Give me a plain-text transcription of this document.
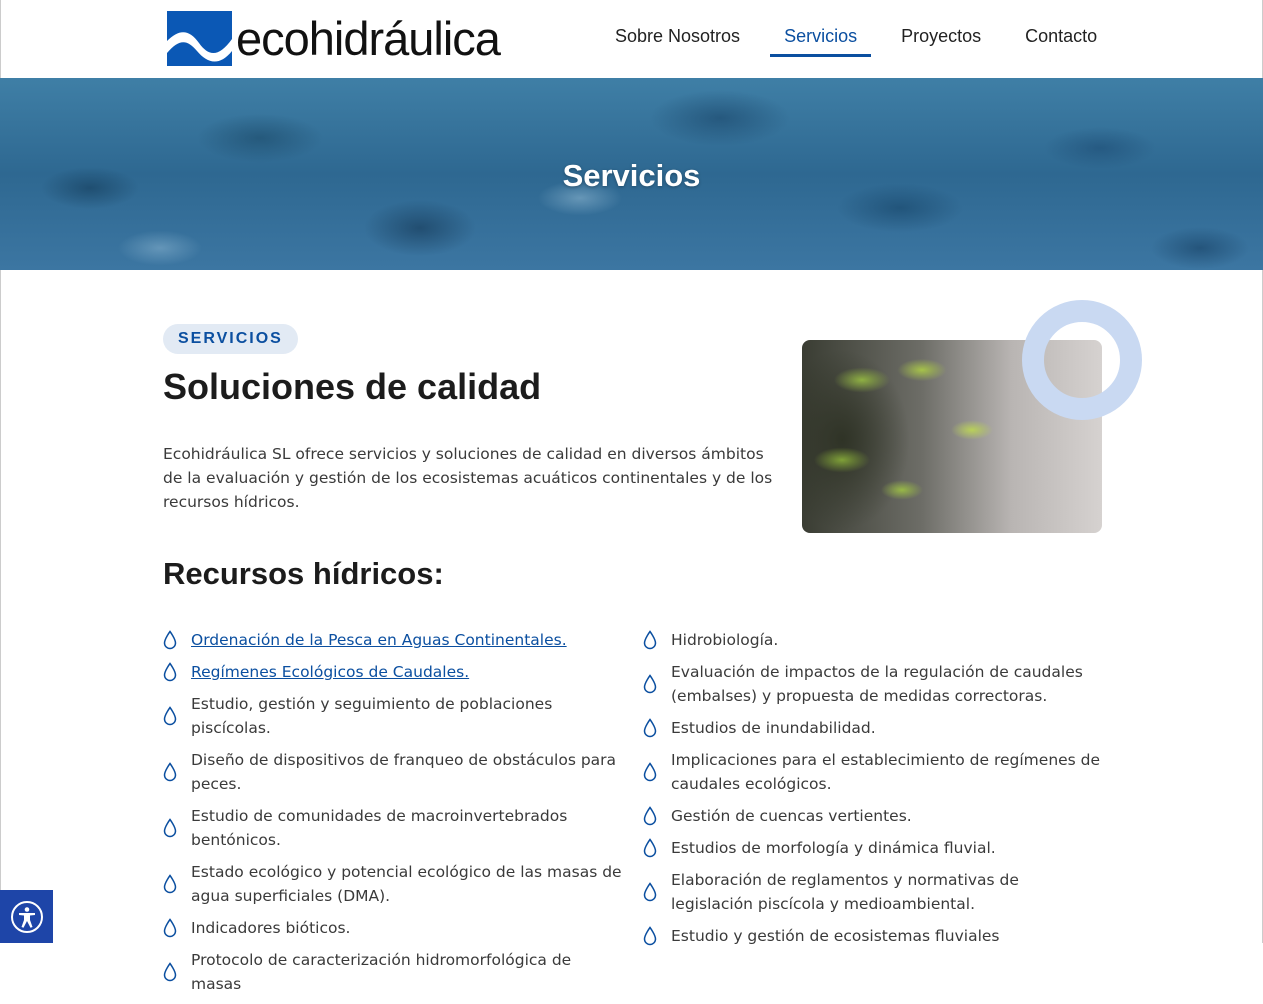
ecohidráulica	Sobre Nosotros	Servicios	Proyectos	Contacto
Servicios
SERVICIOS
Soluciones de calidad

Ecohidráulica SL ofrece servicios y soluciones de calidad en diversos ámbitos de la evaluación y gestión de los ecosistemas acuáticos continentales y de los recursos hídricos.

Recursos hídricos:
Ordenación de la Pesca en Aguas Continentales.
Regímenes Ecológicos de Caudales.
Estudio, gestión y seguimiento de poblaciones piscícolas.
Diseño de dispositivos de franqueo de obstáculos para peces.
Estudio de comunidades de macroinvertebrados bentónicos.
Estado ecológico y potencial ecológico de las masas de agua superficiales (DMA).
Indicadores bióticos.
Protocolo de caracterización hidromorfológica de masas
Hidrobiología.
Evaluación de impactos de la regulación de caudales (embalses) y propuesta de medidas correctoras.
Estudios de inundabilidad.
Implicaciones para el establecimiento de regímenes de caudales ecológicos.
Gestión de cuencas vertientes.
Estudios de morfología y dinámica fluvial.
Elaboración de reglamentos y normativas de legislación piscícola y medioambiental.
Estudio y gestión de ecosistemas fluviales
